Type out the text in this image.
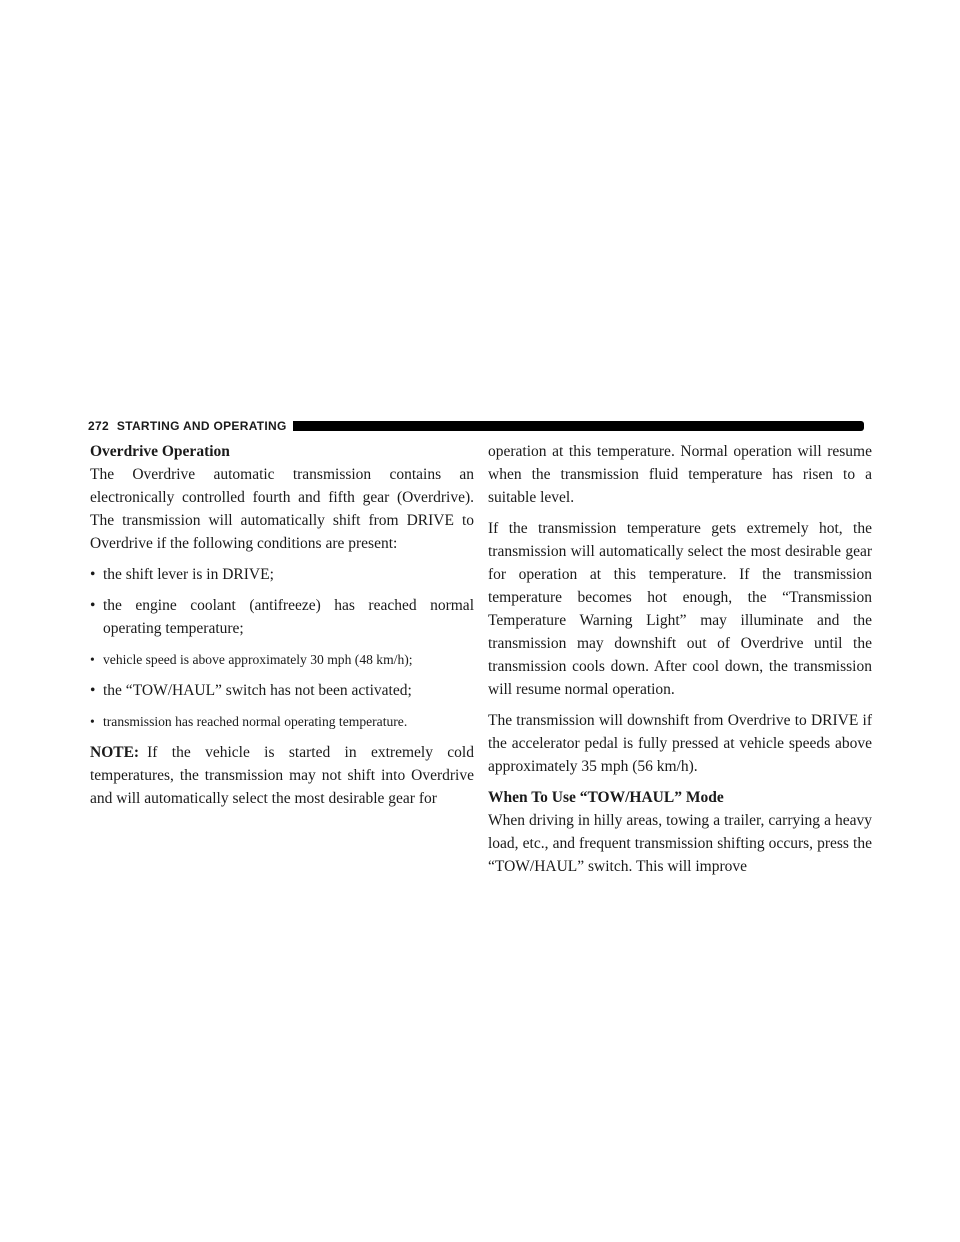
272 STARTING AND OPERATING
Overdrive Operation

The Overdrive automatic transmission contains an electronically controlled fourth and fifth gear (Overdrive). The transmission will automatically shift from DRIVE to Overdrive if the following conditions are present:

• the shift lever is in DRIVE;
• the engine coolant (antifreeze) has reached normal operating temperature;
• vehicle speed is above approximately 30 mph (48 km/h);
• the “TOW/HAUL” switch has not been activated;
• transmission has reached normal operating temperature.

NOTE: If the vehicle is started in extremely cold temperatures, the transmission may not shift into Overdrive and will automatically select the most desirable gear for

operation at this temperature. Normal operation will resume when the transmission fluid temperature has risen to a suitable level.

If the transmission temperature gets extremely hot, the transmission will automatically select the most desirable gear for operation at this temperature. If the transmission temperature becomes hot enough, the “Transmission Temperature Warning Light” may illuminate and the transmission may downshift out of Overdrive until the transmission cools down. After cool down, the transmission will resume normal operation.

The transmission will downshift from Overdrive to DRIVE if the accelerator pedal is fully pressed at vehicle speeds above approximately 35 mph (56 km/h).

When To Use “TOW/HAUL” Mode

When driving in hilly areas, towing a trailer, carrying a heavy load, etc., and frequent transmission shifting occurs, press the “TOW/HAUL” switch. This will improve
